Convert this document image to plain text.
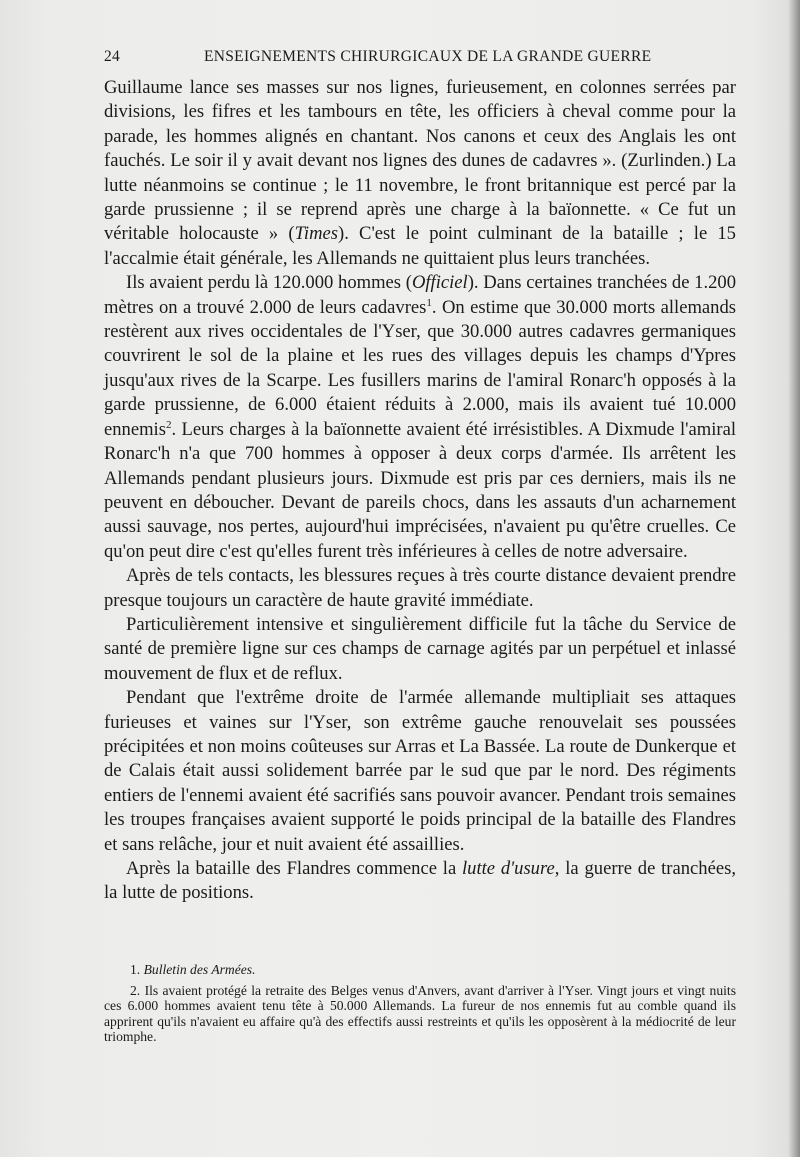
24	ENSEIGNEMENTS CHIRURGICAUX DE LA GRANDE GUERRE

Guillaume lance ses masses sur nos lignes, furieusement, en colonnes serrées par divisions, les fifres et les tambours en tête, les officiers à cheval comme pour la parade, les hommes alignés en chantant. Nos canons et ceux des Anglais les ont fauchés. Le soir il y avait devant nos lignes des dunes de cadavres ». (Zurlinden.) La lutte néanmoins se continue ; le 11 novembre, le front britannique est percé par la garde prussienne ; il se reprend après une charge à la baïonnette. « Ce fut un véritable holocauste » (Times). C'est le point culminant de la bataille ; le 15 l'accalmie était générale, les Allemands ne quittaient plus leurs tranchées.

Ils avaient perdu là 120.000 hommes (Officiel). Dans certaines tranchées de 1.200 mètres on a trouvé 2.000 de leurs cadavres$^1$. On estime que 30.000 morts allemands restèrent aux rives occidentales de l'Yser, que 30.000 autres cadavres germaniques couvrirent le sol de la plaine et les rues des villages depuis les champs d'Ypres jusqu'aux rives de la Scarpe. Les fusillers marins de l'amiral Ronarc'h opposés à la garde prussienne, de 6.000 étaient réduits à 2.000, mais ils avaient tué 10.000 ennemis$^2$. Leurs charges à la baïonnette avaient été irrésistibles. A Dixmude l'amiral Ronarc'h n'a que 700 hommes à opposer à deux corps d'armée. Ils arrêtent les Allemands pendant plusieurs jours. Dixmude est pris par ces derniers, mais ils ne peuvent en déboucher. Devant de pareils chocs, dans les assauts d'un acharnement aussi sauvage, nos pertes, aujourd'hui imprécisées, n'avaient pu qu'être cruelles. Ce qu'on peut dire c'est qu'elles furent très inférieures à celles de notre adversaire.

Après de tels contacts, les blessures reçues à très courte distance devaient prendre presque toujours un caractère de haute gravité immédiate.

Particulièrement intensive et singulièrement difficile fut la tâche du Service de santé de première ligne sur ces champs de carnage agités par un perpétuel et inlassé mouvement de flux et de reflux.

Pendant que l'extrême droite de l'armée allemande multipliait ses attaques furieuses et vaines sur l'Yser, son extrême gauche renouvelait ses poussées précipitées et non moins coûteuses sur Arras et La Bassée. La route de Dunkerque et de Calais était aussi solidement barrée par le sud que par le nord. Des régiments entiers de l'ennemi avaient été sacrifiés sans pouvoir avancer. Pendant trois semaines les troupes françaises avaient supporté le poids principal de la bataille des Flandres et sans relâche, jour et nuit avaient été assaillies.

Après la bataille des Flandres commence la lutte d'usure, la guerre de tranchées, la lutte de positions.

1. Bulletin des Armées.

2. Ils avaient protégé la retraite des Belges venus d'Anvers, avant d'arriver à l'Yser. Vingt jours et vingt nuits ces 6.000 hommes avaient tenu tête à 50.000 Allemands. La fureur de nos ennemis fut au comble quand ils apprirent qu'ils n'avaient eu affaire qu'à des effectifs aussi restreints et qu'ils les opposèrent à la médiocrité de leur triomphe.
